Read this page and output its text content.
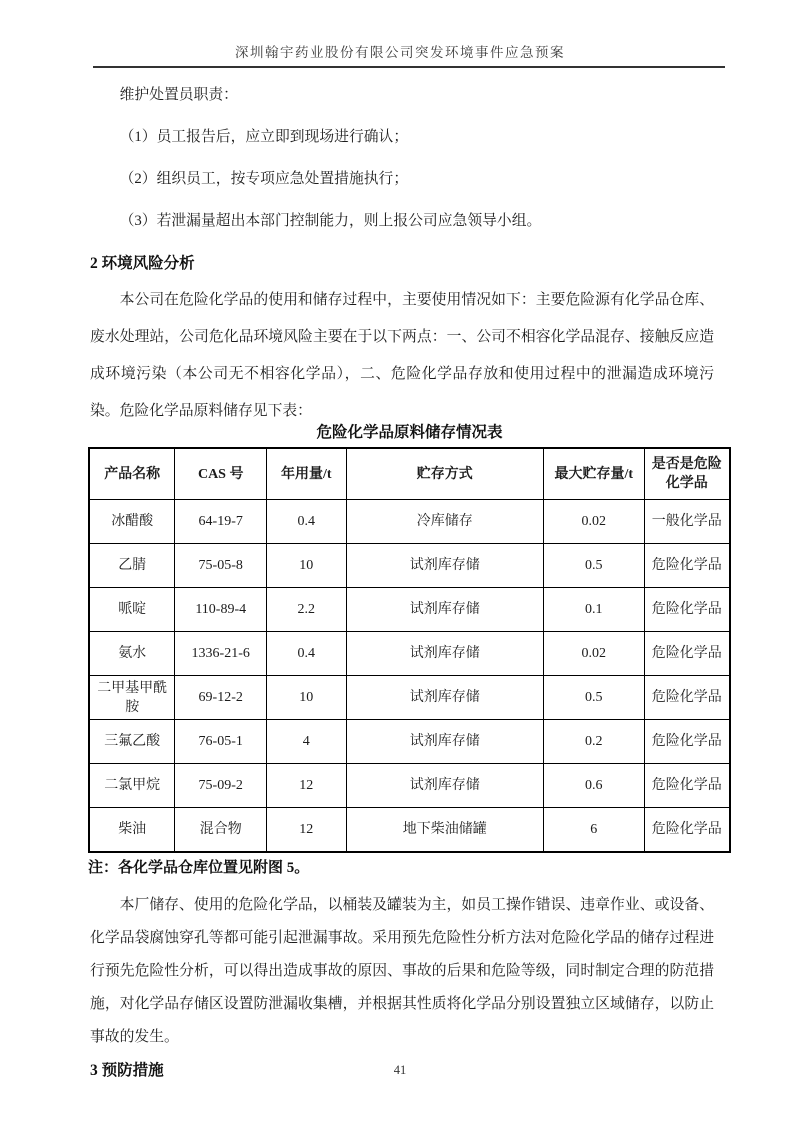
深圳翰宇药业股份有限公司突发环境事件应急预案

维护处置员职责：

（1）员工报告后，应立即到现场进行确认；

（2）组织员工，按专项应急处置措施执行；

（3）若泄漏量超出本部门控制能力，则上报公司应急领导小组。

2 环境风险分析

本公司在危险化学品的使用和储存过程中，主要使用情况如下：主要危险源有化学品仓库、废水处理站，公司危化品环境风险主要在于以下两点：一、公司不相容化学品混存、接触反应造成环境污染（本公司无不相容化学品），二、危险化学品存放和使用过程中的泄漏造成环境污染。危险化学品原料储存见下表：

危险化学品原料储存情况表
产品名称	CAS 号	年用量/t	贮存方式	最大贮存量/t	是否是危险化学品
冰醋酸	64-19-7	0.4	冷库储存	0.02	一般化学品
乙腈	75-05-8	10	试剂库存储	0.5	危险化学品
哌啶	110-89-4	2.2	试剂库存储	0.1	危险化学品
氨水	1336-21-6	0.4	试剂库存储	0.02	危险化学品
二甲基甲酰胺	69-12-2	10	试剂库存储	0.5	危险化学品
三氟乙酸	76-05-1	4	试剂库存储	0.2	危险化学品
二氯甲烷	75-09-2	12	试剂库存储	0.6	危险化学品
柴油	混合物	12	地下柴油储罐	6	危险化学品
注：各化学品仓库位置见附图 5。

本厂储存、使用的危险化学品，以桶装及罐装为主，如员工操作错误、违章作业、或设备、化学品袋腐蚀穿孔等都可能引起泄漏事故。采用预先危险性分析方法对危险化学品的储存过程进行预先危险性分析，可以得出造成事故的原因、事故的后果和危险等级，同时制定合理的防范措施，对化学品存储区设置防泄漏收集槽，并根据其性质将化学品分别设置独立区域储存，以防止事故的发生。

3 预防措施	41
